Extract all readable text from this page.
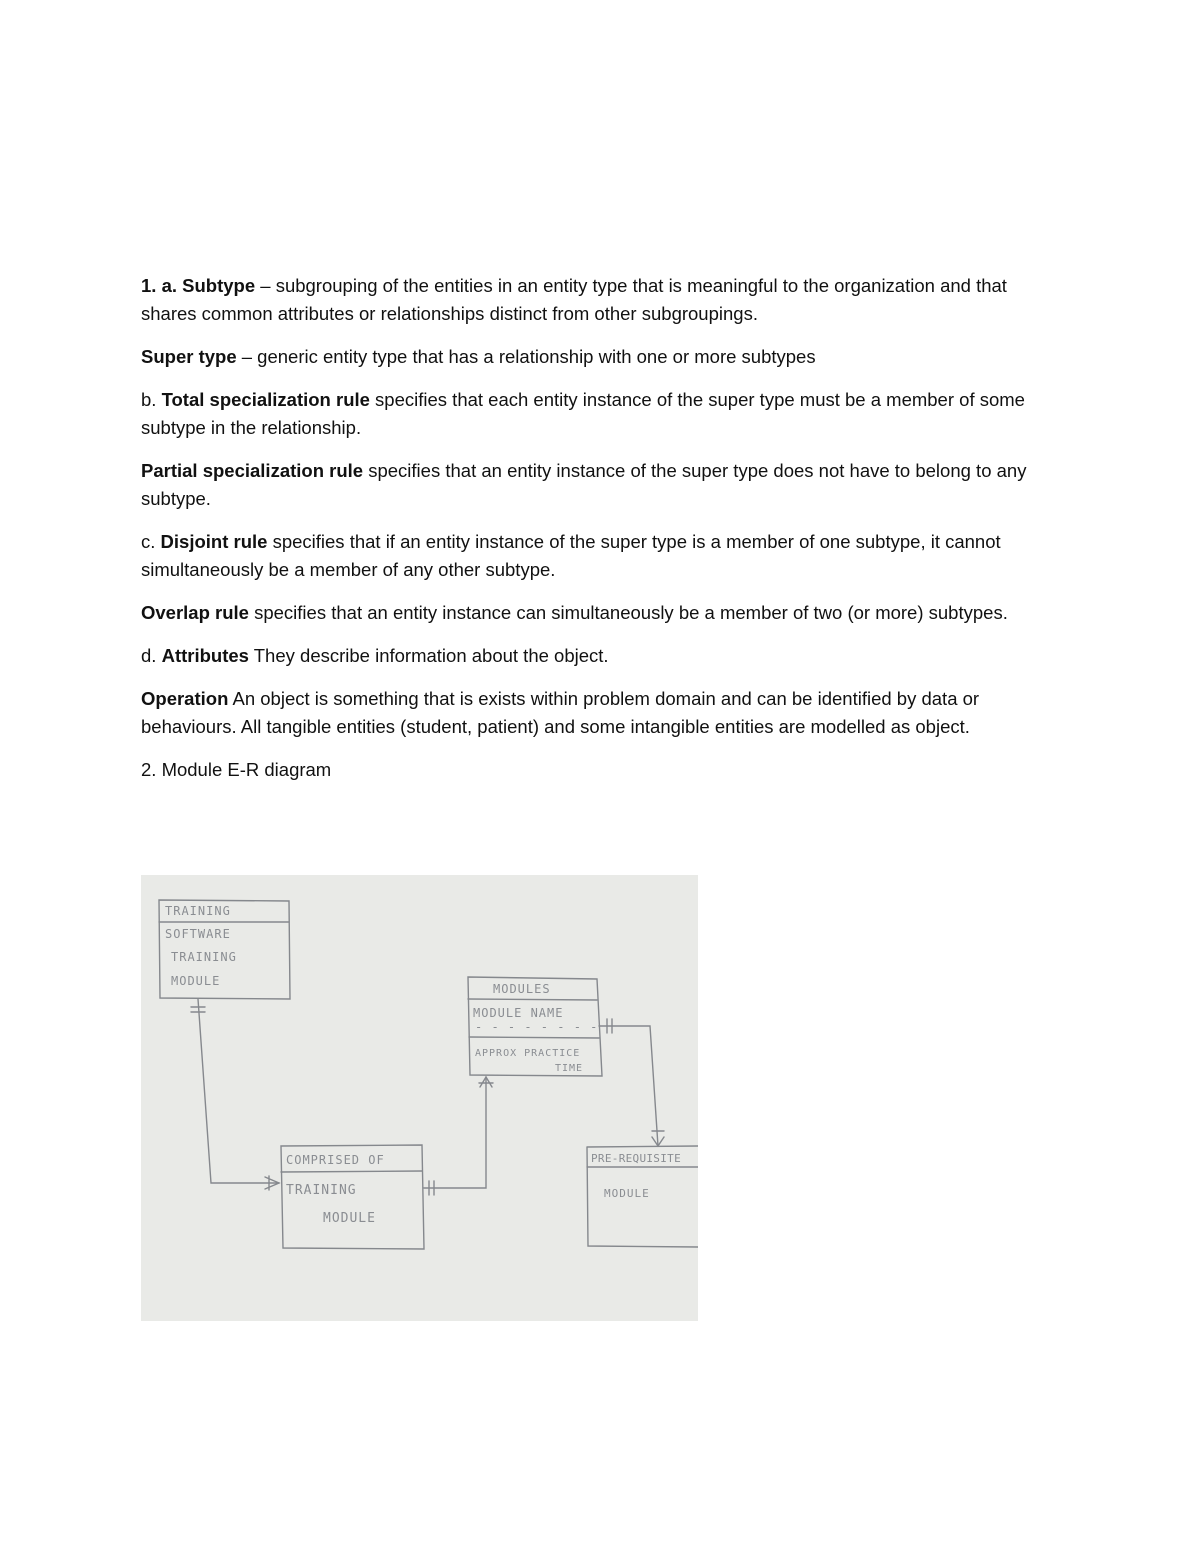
1. a. Subtype – subgrouping of the entities in an entity type that is meaningful to the organization and that shares common attributes or relationships distinct from other subgroupings.

Super type – generic entity type that has a relationship with one or more subtypes

b. Total specialization rule specifies that each entity instance of the super type must be a member of some subtype in the relationship.

Partial specialization rule specifies that an entity instance of the super type does not have to belong to any subtype.

c. Disjoint rule specifies that if an entity instance of the super type is a member of one subtype, it cannot simultaneously be a member of any other subtype.

Overlap rule specifies that an entity instance can simultaneously be a member of two (or more) subtypes.

d. Attributes They describe information about the object.

Operation An object is something that is exists within problem domain and can be identified by data or behaviours. All tangible entities (student, patient) and some intangible entities are modelled as object.

2. Module E-R diagram

TRAINING
SOFTWARE
TRAINING
MODULE
MODULES
MODULE NAME
- - - - - - - -
APPROX PRACTICE
TIME
COMPRISED OF
TRAINING
MODULE
PRE-REQUISITE
MODULE
